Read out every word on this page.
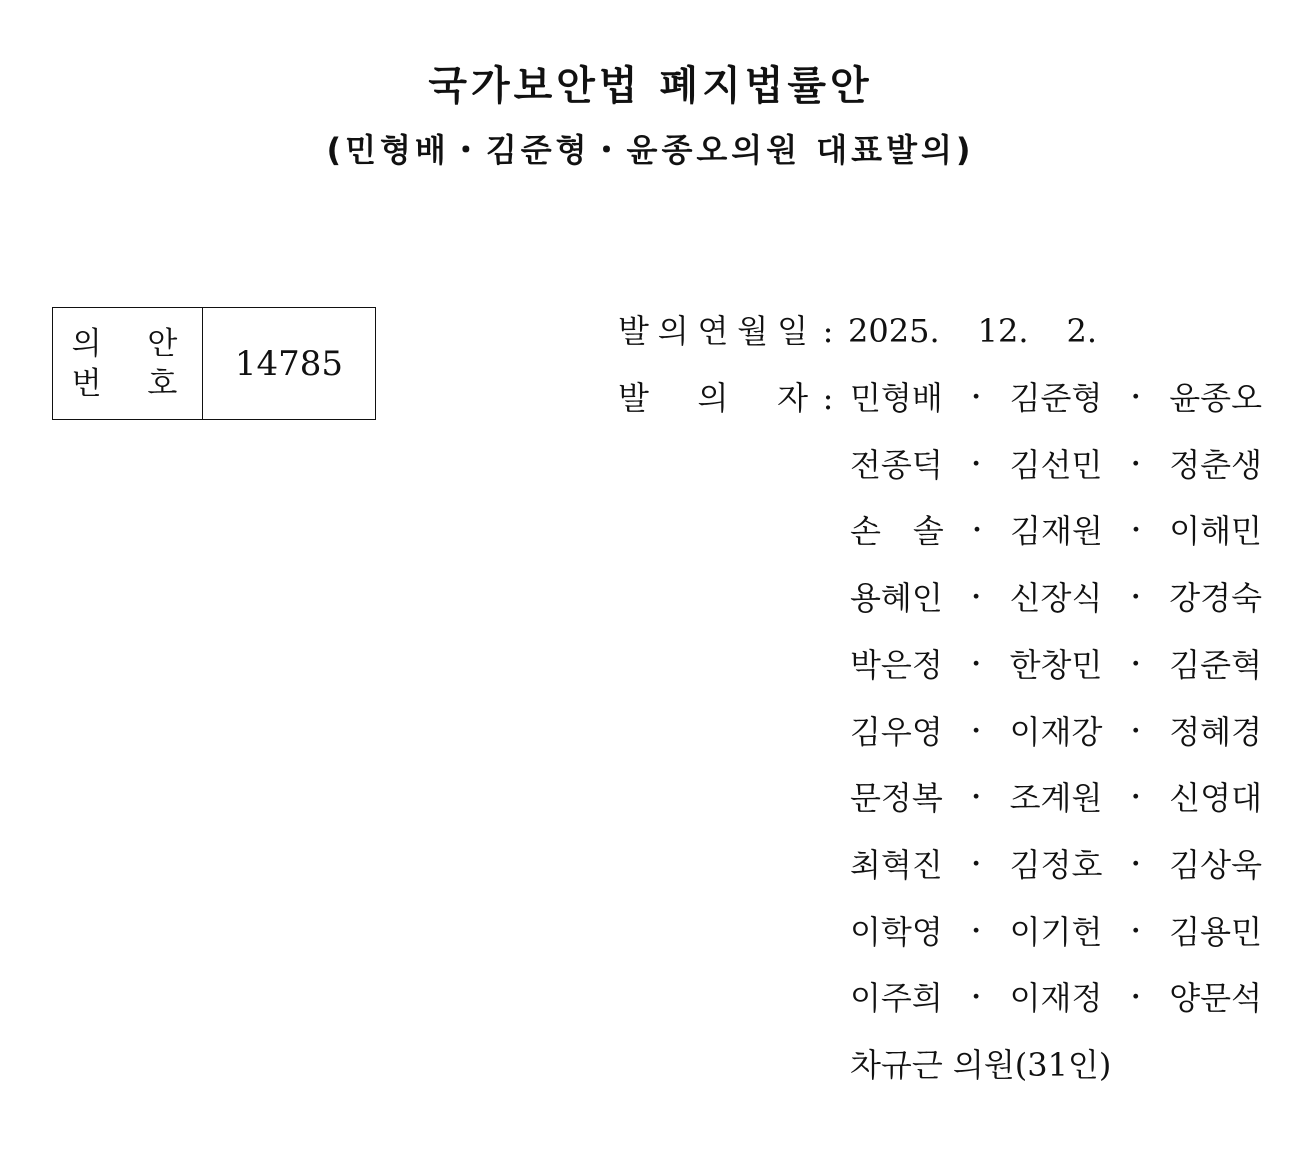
국가보안법 폐지법률안
(민형배・김준형・윤종오의원 대표발의)
의 안
번 호	14785
발 의 연 월 일 : 2025. 12. 2.
발 의 자 : 민형배 ・ 김준형 ・ 윤종오
전종덕 ・ 김선민 ・ 정춘생
손　솔 ・ 김재원 ・ 이해민
용혜인 ・ 신장식 ・ 강경숙
박은정 ・ 한창민 ・ 김준혁
김우영 ・ 이재강 ・ 정혜경
문정복 ・ 조계원 ・ 신영대
최혁진 ・ 김정호 ・ 김상욱
이학영 ・ 이기헌 ・ 김용민
이주희 ・ 이재정 ・ 양문석
차규근 의원(31인)
